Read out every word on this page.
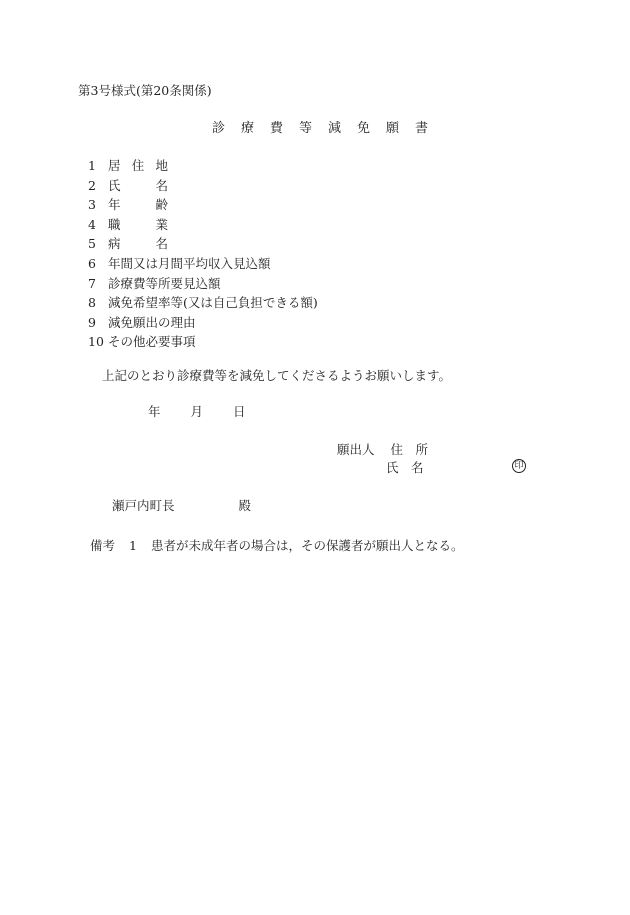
第3号様式(第20条関係)
診 療 費 等 減 免 願 書
1 居 住 地
2 氏	名
3 年	齢
4 職	業
5 病	名
6 年間又は月間平均収入見込額
7 診療費等所要見込額
8 減免希望率等(又は自己負担できる額)
9 減免願出の理由
10 その他必要事項
上記のとおり診療費等を減免してくださるようお願いします。
年 月 日
願出人 住　所
氏　名	印
瀬戸内町長	殿
備考 1 患者が未成年者の場合は，その保護者が願出人となる。
